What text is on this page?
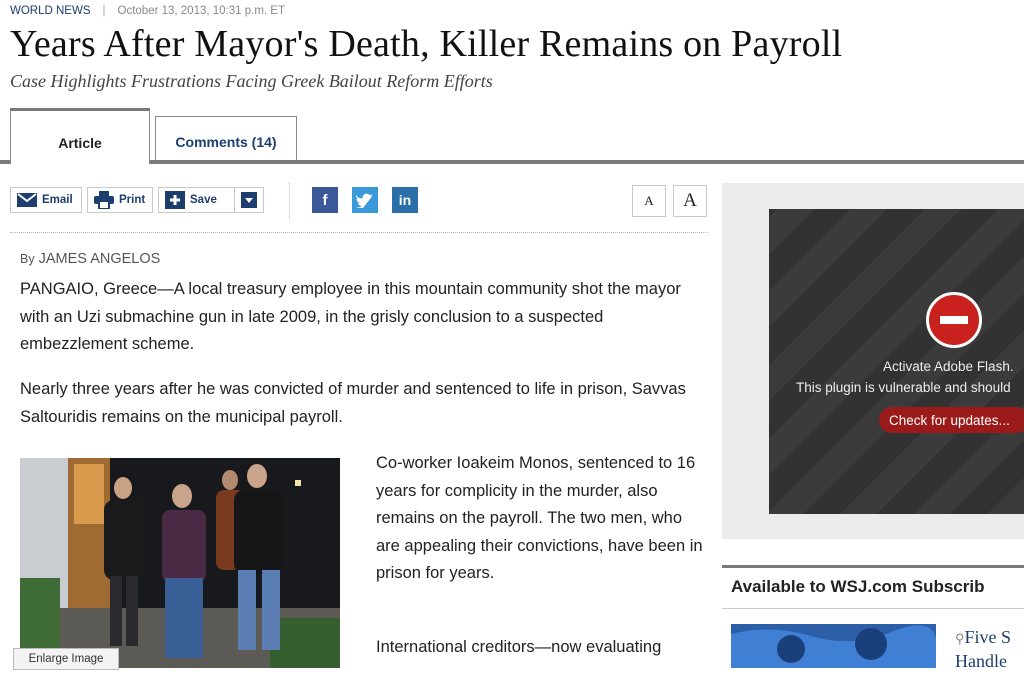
WORLD NEWS | October 13, 2013, 10:31 p.m. ET
Years After Mayor's Death, Killer Remains on Payroll
Case Highlights Frustrations Facing Greek Bailout Reform Efforts
Article	Comments (14)
Email	Print	Save	f	in	A	A
By JAMES ANGELOS
PANGAIO, Greece—A local treasury employee in this mountain community shot the mayor with an Uzi submachine gun in late 2009, in the grisly conclusion to a suspected embezzlement scheme.
Nearly three years after he was convicted of murder and sentenced to life in prison, Savvas Saltouridis remains on the municipal payroll.
Enlarge Image
Co-worker Ioakeim Monos, sentenced to 16 years for complicity in the murder, also remains on the payroll. The two men, who are appealing their convictions, have been in prison for years.
International creditors—now evaluating
Activate Adobe Flash.
This plugin is vulnerable and should
Check for updates...
Available to WSJ.com Subscrib
⚲Five S
Handle
